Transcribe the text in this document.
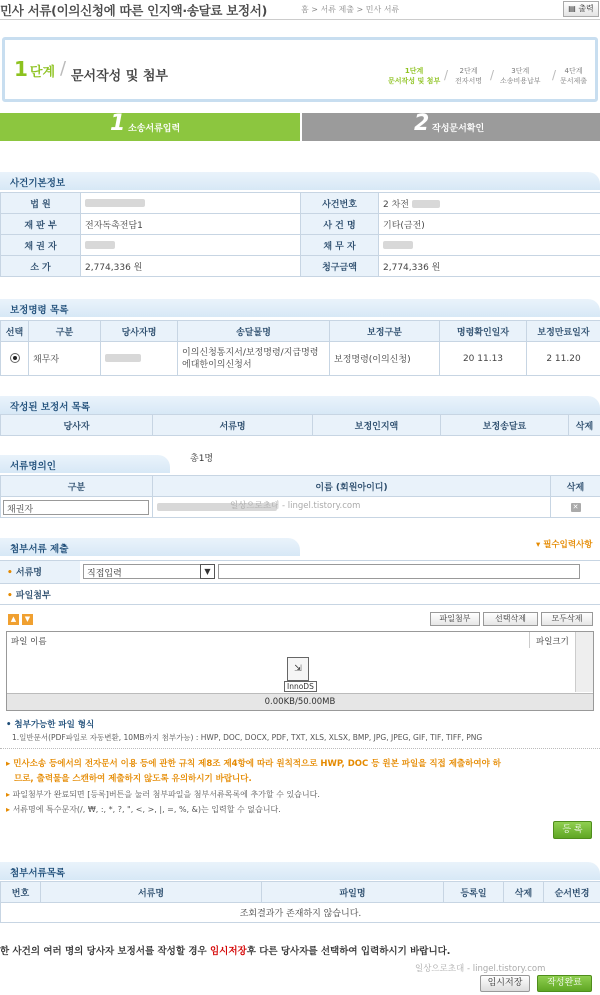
민사 서류(이의신청에 따른 인지액·송달료 보정서)	홈 > 서류 제출 > 민사 서류	▤ 출력
1 단계 / 문서작성 및 첨부	1단계
문서작성 및 첨부 /	2단계
전자서명 /	3단계
소송비용납부 /	4단계
문서제출
1 소송서류입력	2 작성문서확인
사건기본정보
법 원		사건번호	2 차전
재 판 부	전자독촉전담1	사 건 명	기타(금전)
채 권 자		채 무 자	
소 가	2,774,336 원	청구금액	2,774,336 원
보정명령 목록
선택	구분	당사자명	송달물명	보정구분	명령확인일자	보정만료일자
	채무자		이의신청통지서/보정명령/지급명령
에대한이의신청서	보정명령(이의신청)	20 11.13	2 11.20
작성된 보정서 목록
당사자	서류명	보정인지액	보정송달료	삭제
서류명의인
총1명
구분	이름 (회원아이디)	삭제

채권자		✕
일상으로초대 - lingel.tistory.com
첨부서류 제출	▾ 필수입력사항
• 서류명	직접입력	▼
• 파일첨부
▲	▼	파일첨부	선택삭제	모두삭제
파일 이름	파일크기
⇲
InnoDS
0.00KB/50.00MB
• 첨부가능한 파일 형식
1.일반문서(PDF파일로 자동변환, 10MB까지 첨부가능) : HWP, DOC, DOCX, PDF, TXT, XLS, XLSX, BMP, JPG, JPEG, GIF, TIF, TIFF, PNG
▸ 민사소송 등에서의 전자문서 이용 등에 관한 규칙 제8조 제4항에 따라 원칙적으로 HWP, DOC 등 원본 파일을 직접 제출하여야 하
므로, 출력물을 스캔하여 제출하지 않도록 유의하시기 바랍니다.
▸ 파일첨부가 완료되면 [등록]버튼을 눌러 첨부파일을 첨부서류목록에 추가할 수 있습니다.
▸ 서류명에 특수문자(/, ₩, :, *, ?, ", <, >, |, =, %, &)는 입력할 수 없습니다.
등 록
첨부서류목록
번호	서류명	파일명	등록일	삭제	순서변경
조회결과가 존재하지 않습니다.
한 사건의 여러 명의 당사자 보정서를 작성할 경우 임시저장후 다른 당사자를 선택하여 입력하시기 바랍니다.
일상으로초대 - lingel.tistory.com
임시저장	작성완료
